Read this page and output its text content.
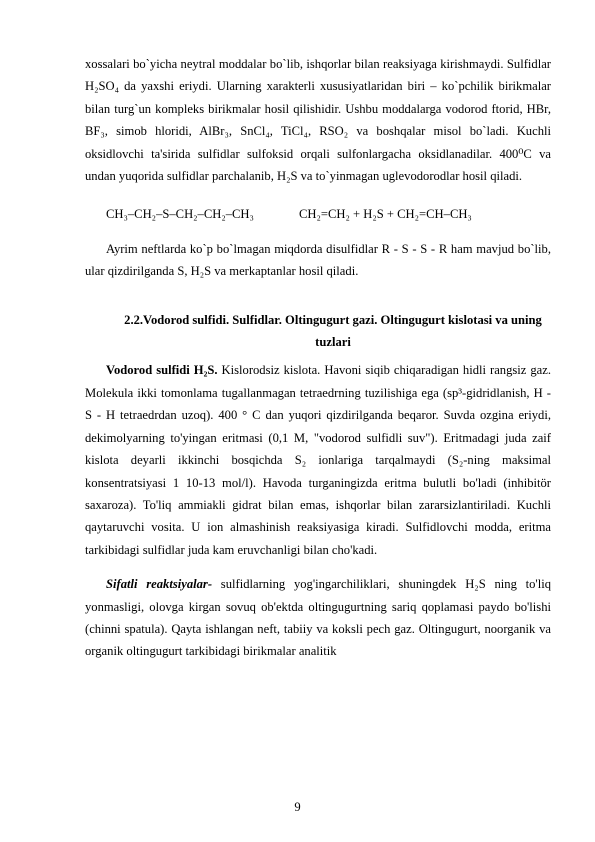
xossalari bo`yicha neytral moddalar bo`lib, ishqorlar bilan reaksiyaga kirishmaydi. Sulfidlar H₂SO₄ da yaxshi eriydi. Ularning xarakterli xususiyatlaridan biri – ko`pchilik birikmalar bilan turg`un kompleks birikmalar hosil qilishidir. Ushbu moddalarga vodorod ftorid, HBr, BF₃, simob hloridi, AlBr₃, SnCl₄, TiCl₄, RSO₂ va boshqalar misol bo`ladi. Kuchli oksidlovchi ta'sirida sulfidlar sulfoksid orqali sulfonlargacha oksidlanadilar. 400⁰C va undan yuqorida sulfidlar parchalanib, H₂S va to`yinmagan uglevodorodlar hosil qiladi.

CH₃–CH₂–S–CH₂–CH₂–CH₃	CH₂=CH₂ + H₂S + CH₂=CH–CH₃

Ayrim neftlarda ko`p bo`lmagan miqdorda disulfidlar R - S - S - R ham mavjud bo`lib, ular qizdirilganda S, H₂S va merkaptanlar hosil qiladi.

2.2.Vodorod sulfidi. Sulfidlar. Oltingugurt gazi. Oltingugurt kislotasi va uning tuzlari

Vodorod sulfidi H₂S. Kislorodsiz kislota. Havoni siqib chiqaradigan hidli rangsiz gaz. Molekula ikki tomonlama tugallanmagan tetraedrning tuzilishiga ega (sp³-gidridlanish, H - S - H tetraedrdan uzoq). 400 ° C dan yuqori qizdirilganda beqaror. Suvda ozgina eriydi, dekimolyarning to'yingan eritmasi (0,1 M, "vodorod sulfidli suv"). Eritmadagi juda zaif kislota deyarli ikkinchi bosqichda S₂ ionlariga tarqalmaydi (S₂-ning maksimal konsentratsiyasi 1 10-13 mol/l). Havoda turganingizda eritma bulutli bo'ladi (inhibitör saxaroza). To'liq ammiakli gidrat bilan emas, ishqorlar bilan zararsizlantiriladi. Kuchli qaytaruvchi vosita. U ion almashinish reaksiyasiga kiradi. Sulfidlovchi modda, eritma tarkibidagi sulfidlar juda kam eruvchanligi bilan cho'kadi.

Sifatli reaktsiyalar- sulfidlarning yog'ingarchiliklari, shuningdek H₂S ning to'liq yonmasligi, olovga kirgan sovuq ob'ektda oltingugurtning sariq qoplamasi paydo bo'lishi (chinni spatula). Qayta ishlangan neft, tabiiy va koksli pech gaz. Oltingugurt, noorganik va organik oltingugurt tarkibidagi birikmalar analitik

9
